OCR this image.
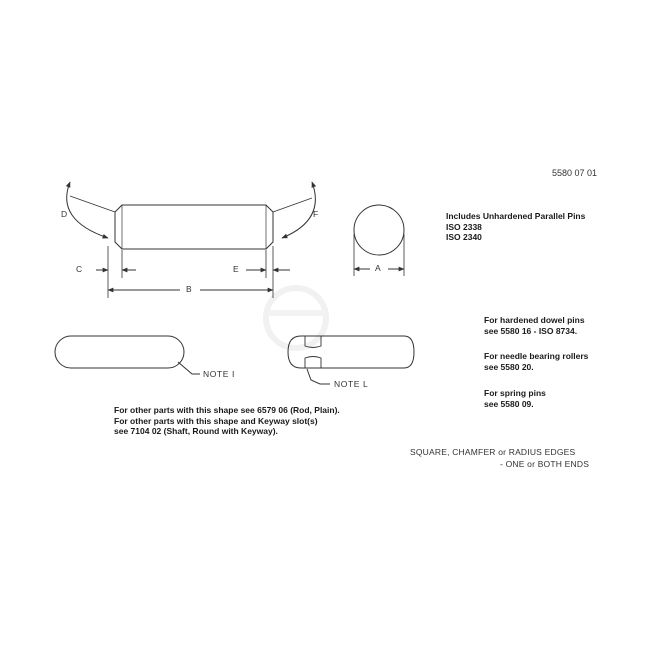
5580 07 01
D	F
C	E
B
A
NOTE I
NOTE L
Includes Unhardened Parallel Pins
ISO 2338
ISO 2340
For hardened dowel pins
see 5580 16 - ISO 8734.
For needle bearing rollers
see 5580 20.
For spring pins
see 5580 09.
For other parts with this shape see 6579 06 (Rod, Plain).
For other parts with this shape and Keyway slot(s)
see 7104 02 (Shaft, Round with Keyway).
SQUARE, CHAMFER or RADIUS EDGES
- ONE or BOTH ENDS
